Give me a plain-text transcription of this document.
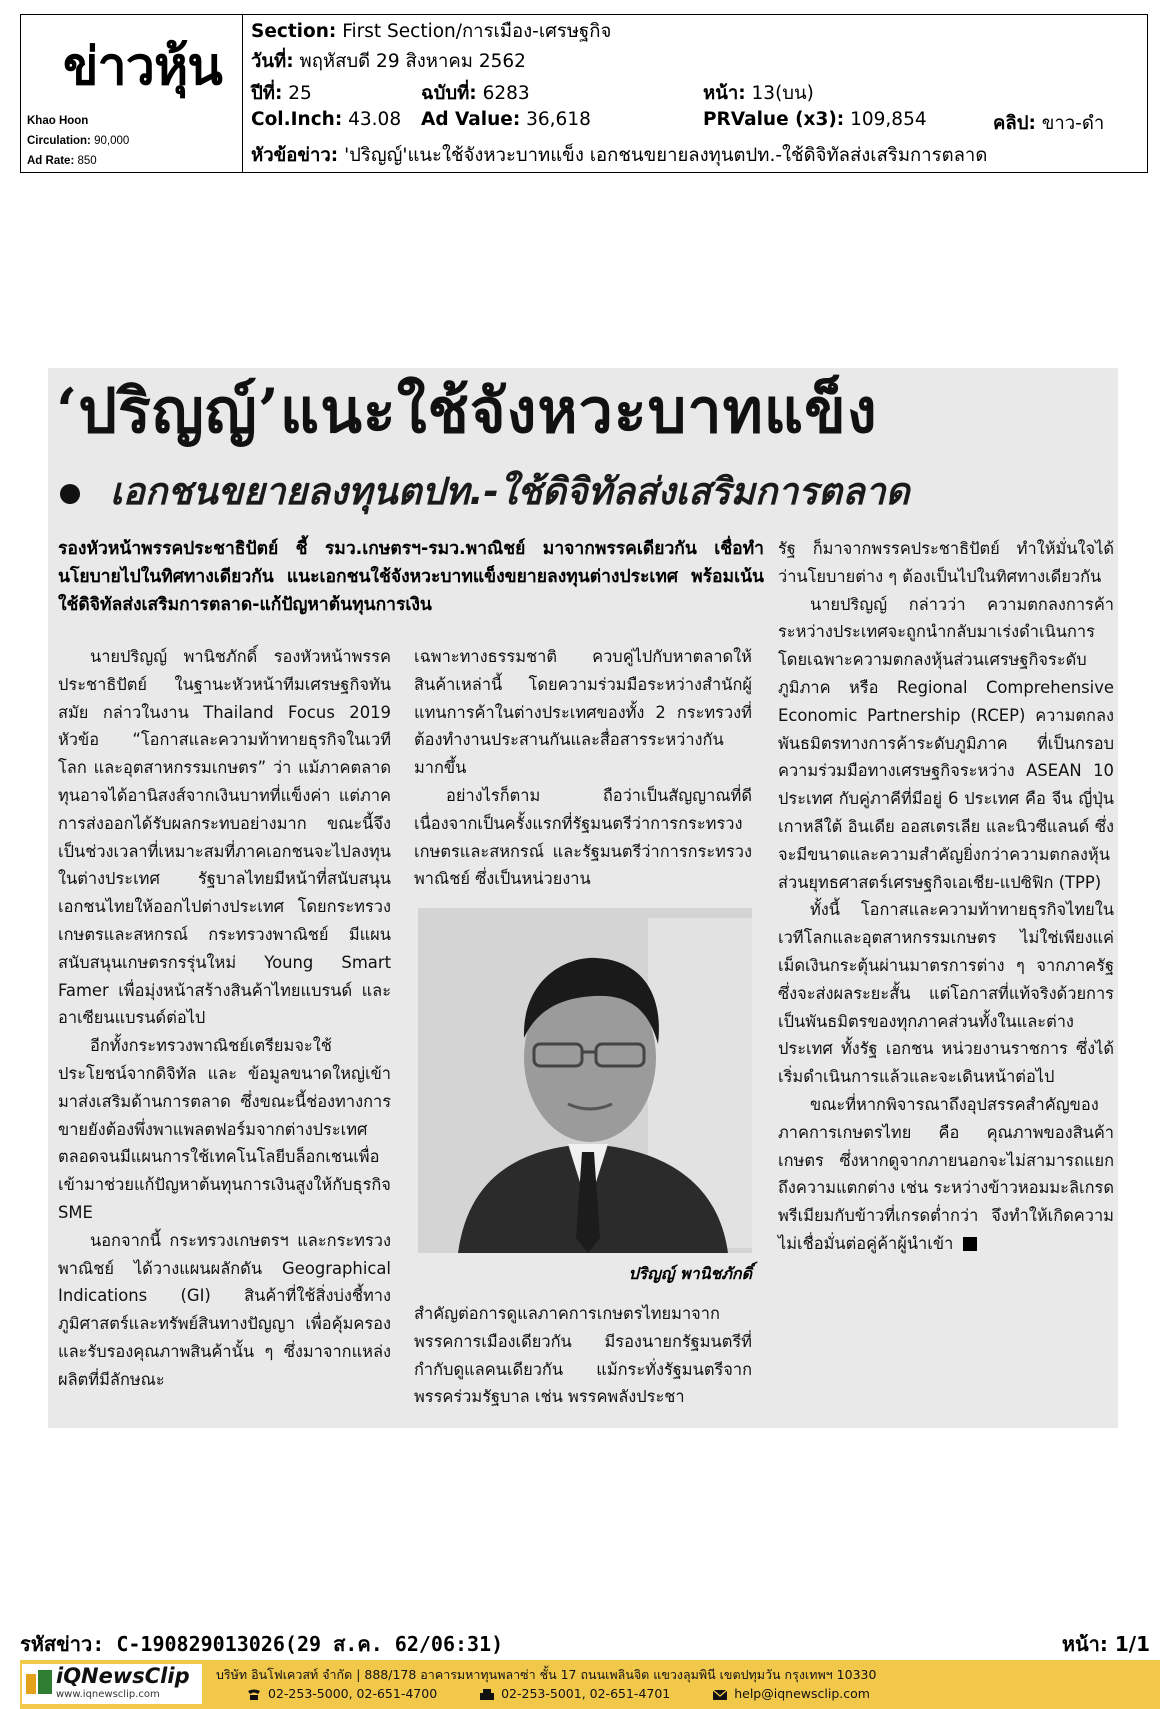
ข่าวหุ้น
Khao Hoon
Circulation: 90,000
Ad Rate: 850
Section: First Section/การเมือง-เศรษฐกิจ
วันที่: พฤหัสบดี 29 สิงหาคม 2562
ปีที่: 25	ฉบับที่: 6283	หน้า: 13(บน)
Col.Inch: 43.08 Ad Value: 36,618	PRValue (x3): 109,854	คลิป: ขาว-ดำ
หัวข้อข่าว: 'ปริญญ์'แนะใช้จังหวะบาทแข็ง เอกชนขยายลงทุนตปท.-ใช้ดิจิทัลส่งเสริมการตลาด
‘ปริญญ์’แนะใช้จังหวะบาทแข็ง
เอกชนขยายลงทุนตปท.-ใช้ดิจิทัลส่งเสริมการตลาด
รองหัวหน้าพรรคประชาธิปัตย์ ชี้ รมว.เกษตรฯ-รมว.พาณิชย์ มาจากพรรคเดียวกัน เชื่อทำนโยบายไปในทิศทางเดียวกัน แนะเอกชนใช้จังหวะบาทแข็งขยายลงทุนต่างประเทศ พร้อมเน้นใช้ดิจิทัลส่งเสริมการตลาด-แก้ปัญหาต้นทุนการเงิน

นายปริญญ์ พานิชภักดิ์ รองหัวหน้าพรรคประชาธิปัตย์ ในฐานะหัวหน้าทีมเศรษฐกิจทันสมัย กล่าวในงาน Thailand Focus 2019 หัวข้อ “โอกาสและความท้าทายธุรกิจในเวทีโลก และอุตสาหกรรมเกษตร” ว่า แม้ภาคตลาดทุนอาจได้อานิสงส์จากเงินบาทที่แข็งค่า แต่ภาคการส่งออกได้รับผลกระทบอย่างมาก ขณะนี้จึงเป็นช่วงเวลาที่เหมาะสมที่ภาคเอกชนจะไปลงทุนในต่างประเทศ รัฐบาลไทยมีหน้าที่สนับสนุนเอกชนไทยให้ออกไปต่างประเทศ โดยกระทรวงเกษตรและสหกรณ์ กระทรวงพาณิชย์ มีแผนสนับสนุนเกษตรกรรุ่นใหม่ Young Smart Famer เพื่อมุ่งหน้าสร้างสินค้าไทยแบรนด์ และ อาเซียนแบรนด์ต่อไป

อีกทั้งกระทรวงพาณิชย์เตรียมจะใช้ประโยชน์จากดิจิทัล และ ข้อมูลขนาดใหญ่เข้ามาส่งเสริมด้านการตลาด ซึ่งขณะนี้ช่องทางการขายยังต้องพึ่งพาแพลตฟอร์มจากต่างประเทศ ตลอดจนมีแผนการใช้เทคโนโลยีบล็อกเชนเพื่อเข้ามาช่วยแก้ปัญหาต้นทุนการเงินสูงให้กับธุรกิจ SME

นอกจากนี้ กระทรวงเกษตรฯ และกระทรวงพาณิชย์ ได้วางแผนผลักดัน Geographical Indications (GI) สินค้าที่ใช้สิ่งบ่งชี้ทางภูมิศาสตร์และทรัพย์สินทางปัญญา เพื่อคุ้มครองและรับรองคุณภาพสินค้านั้น ๆ ซึ่งมาจากแหล่งผลิตที่มีลักษณะ

เฉพาะทางธรรมชาติ ควบคู่ไปกับหาตลาดให้สินค้าเหล่านี้ โดยความร่วมมือระหว่างสำนักผู้แทนการค้าในต่างประเทศของทั้ง 2 กระทรวงที่ต้องทำงานประสานกันและสื่อสารระหว่างกันมากขึ้น

อย่างไรก็ตาม ถือว่าเป็นสัญญาณที่ดีเนื่องจากเป็นครั้งแรกที่รัฐมนตรีว่าการกระทรวงเกษตรและสหกรณ์ และรัฐมนตรีว่าการกระทรวงพาณิชย์ ซึ่งเป็นหน่วยงาน

ปริญญ์ พานิชภักดิ์

สำคัญต่อการดูแลภาคการเกษตรไทยมาจากพรรคการเมืองเดียวกัน มีรองนายกรัฐมนตรีที่กำกับดูแลคนเดียวกัน แม้กระทั่งรัฐมนตรีจากพรรคร่วมรัฐบาล เช่น พรรคพลังประชา

รัฐ ก็มาจากพรรคประชาธิปัตย์ ทำให้มั่นใจได้ว่านโยบายต่าง ๆ ต้องเป็นไปในทิศทางเดียวกัน

นายปริญญ์ กล่าวว่า ความตกลงการค้าระหว่างประเทศจะถูกนำกลับมาเร่งดำเนินการ โดยเฉพาะความตกลงหุ้นส่วนเศรษฐกิจระดับภูมิภาค หรือ Regional Comprehensive Economic Partnership (RCEP) ความตกลงพันธมิตรทางการค้าระดับภูมิภาค ที่เป็นกรอบความร่วมมือทางเศรษฐกิจระหว่าง ASEAN 10 ประเทศ กับคู่ภาคีที่มีอยู่ 6 ประเทศ คือ จีน ญี่ปุ่น เกาหลีใต้ อินเดีย ออสเตรเลีย และนิวซีแลนด์ ซึ่งจะมีขนาดและความสำคัญยิ่งกว่าความตกลงหุ้นส่วนยุทธศาสตร์เศรษฐกิจเอเชีย-แปซิฟิก (TPP)

ทั้งนี้ โอกาสและความท้าทายธุรกิจไทยในเวทีโลกและอุตสาหกรรมเกษตร ไม่ใช่เพียงแค่เม็ดเงินกระตุ้นผ่านมาตรการต่าง ๆ จากภาครัฐ ซึ่งจะส่งผลระยะสั้น แต่โอกาสที่แท้จริงด้วยการเป็นพันธมิตรของทุกภาคส่วนทั้งในและต่างประเทศ ทั้งรัฐ เอกชน หน่วยงานราชการ ซึ่งได้เริ่มดำเนินการแล้วและจะเดินหน้าต่อไป

ขณะที่หากพิจารณาถึงอุปสรรคสำคัญของภาคการเกษตรไทย คือ คุณภาพของสินค้าเกษตร ซึ่งหากดูจากภายนอกจะไม่สามารถแยกถึงความแตกต่าง เช่น ระหว่างข้าวหอมมะลิเกรดพรีเมียมกับข้าวที่เกรดต่ำกว่า จึงทำให้เกิดความไม่เชื่อมั่นต่อคู่ค้าผู้นำเข้า

รหัสข่าว: C-190829013026(29 ส.ค. 62/06:31)	หน้า: 1/1
iQNewsClip
www.iqnewsclip.com
บริษัท อินโฟเควสท์ จำกัด | 888/178 อาคารมหาทุนพลาซ่า ชั้น 17 ถนนเพลินจิต แขวงลุมพินี เขตปทุมวัน กรุงเทพฯ 10330
02-253-5000, 02-651-4700	02-253-5001, 02-651-4701	help@iqnewsclip.com
